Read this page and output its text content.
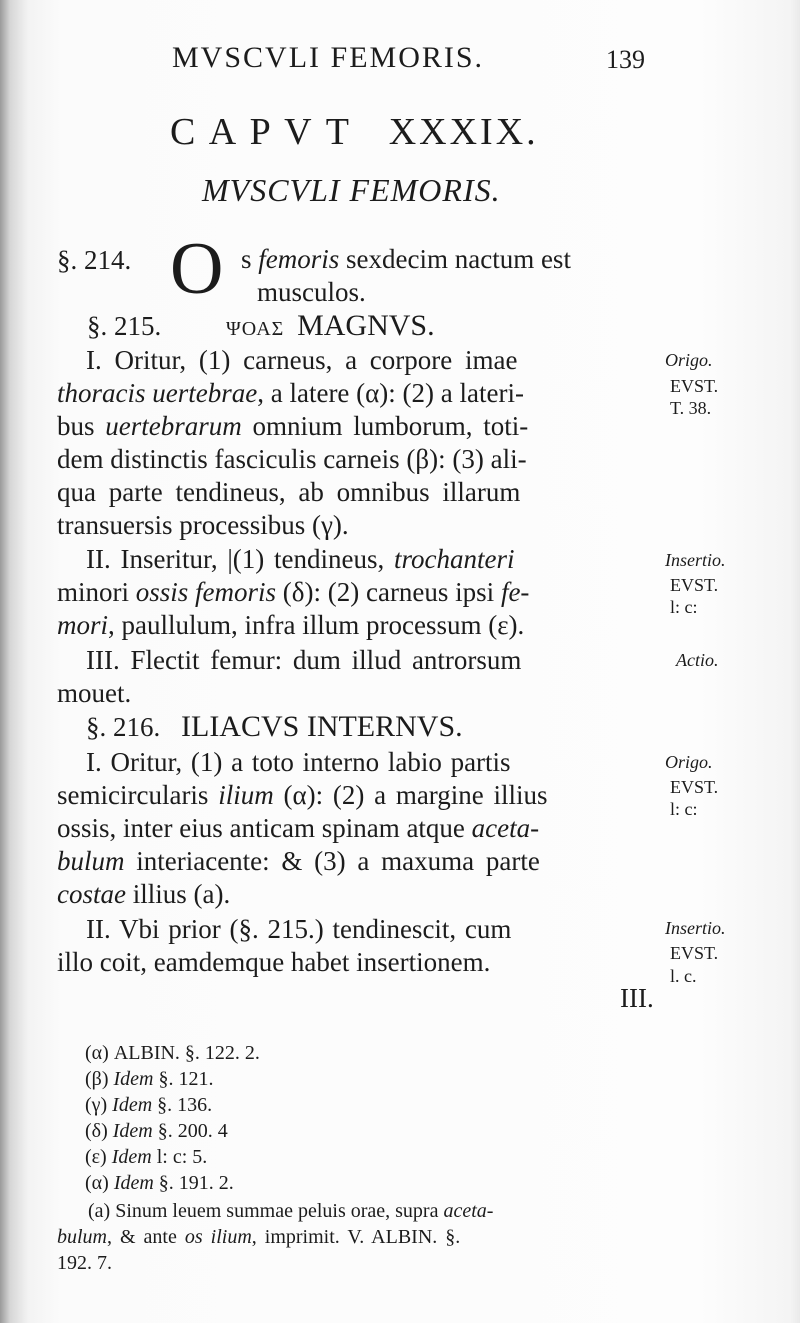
MVSCVLI FEMORIS.	139
C A P V T   XXXIX.
MVSCVLI FEMORIS.
§. 214. O s femoris sexdecim nactum est
musculos.
§. 215.	ΨΟΑΣ MAGNVS.
I. Oritur, (1) carneus, a corpore imae
thoracis uertebrae, a latere (α): (2) a lateri-
bus uertebrarum omnium lumborum, toti-
dem distinctis fasciculis carneis (β): (3) ali-
qua parte tendineus, ab omnibus illarum
transuersis processibus (γ).
II. Inseritur, |(1) tendineus, trochanteri
minori ossis femoris (δ): (2) carneus ipsi fe-
mori, paullulum, infra illum processum (ε).
III. Flectit femur: dum illud antrorsum
mouet.
§. 216. ILIACVS INTERNVS.
I. Oritur, (1) a toto interno labio partis
semicircularis ilium (α): (2) a margine illius
ossis, inter eius anticam spinam atque aceta-
bulum interiacente: & (3) a maxuma parte
costae illius (a).
II. Vbi prior (§. 215.) tendinescit, cum
illo coit, eamdemque habet insertionem.
III.
Origo.
EVST.
T. 38.
Insertio.
EVST.
l: c:
Actio.
Origo.
EVST.
l: c:
Insertio.
EVST.
l. c.
(α) ALBIN. §. 122. 2.
(β) Idem §. 121.
(γ) Idem §. 136.
(δ) Idem §. 200. 4
(ε) Idem l: c: 5.
(α) Idem §. 191. 2.
(a) Sinum leuem summae peluis orae, supra aceta-
bulum, & ante os ilium, imprimit. V. ALBIN. §.
192. 7.
